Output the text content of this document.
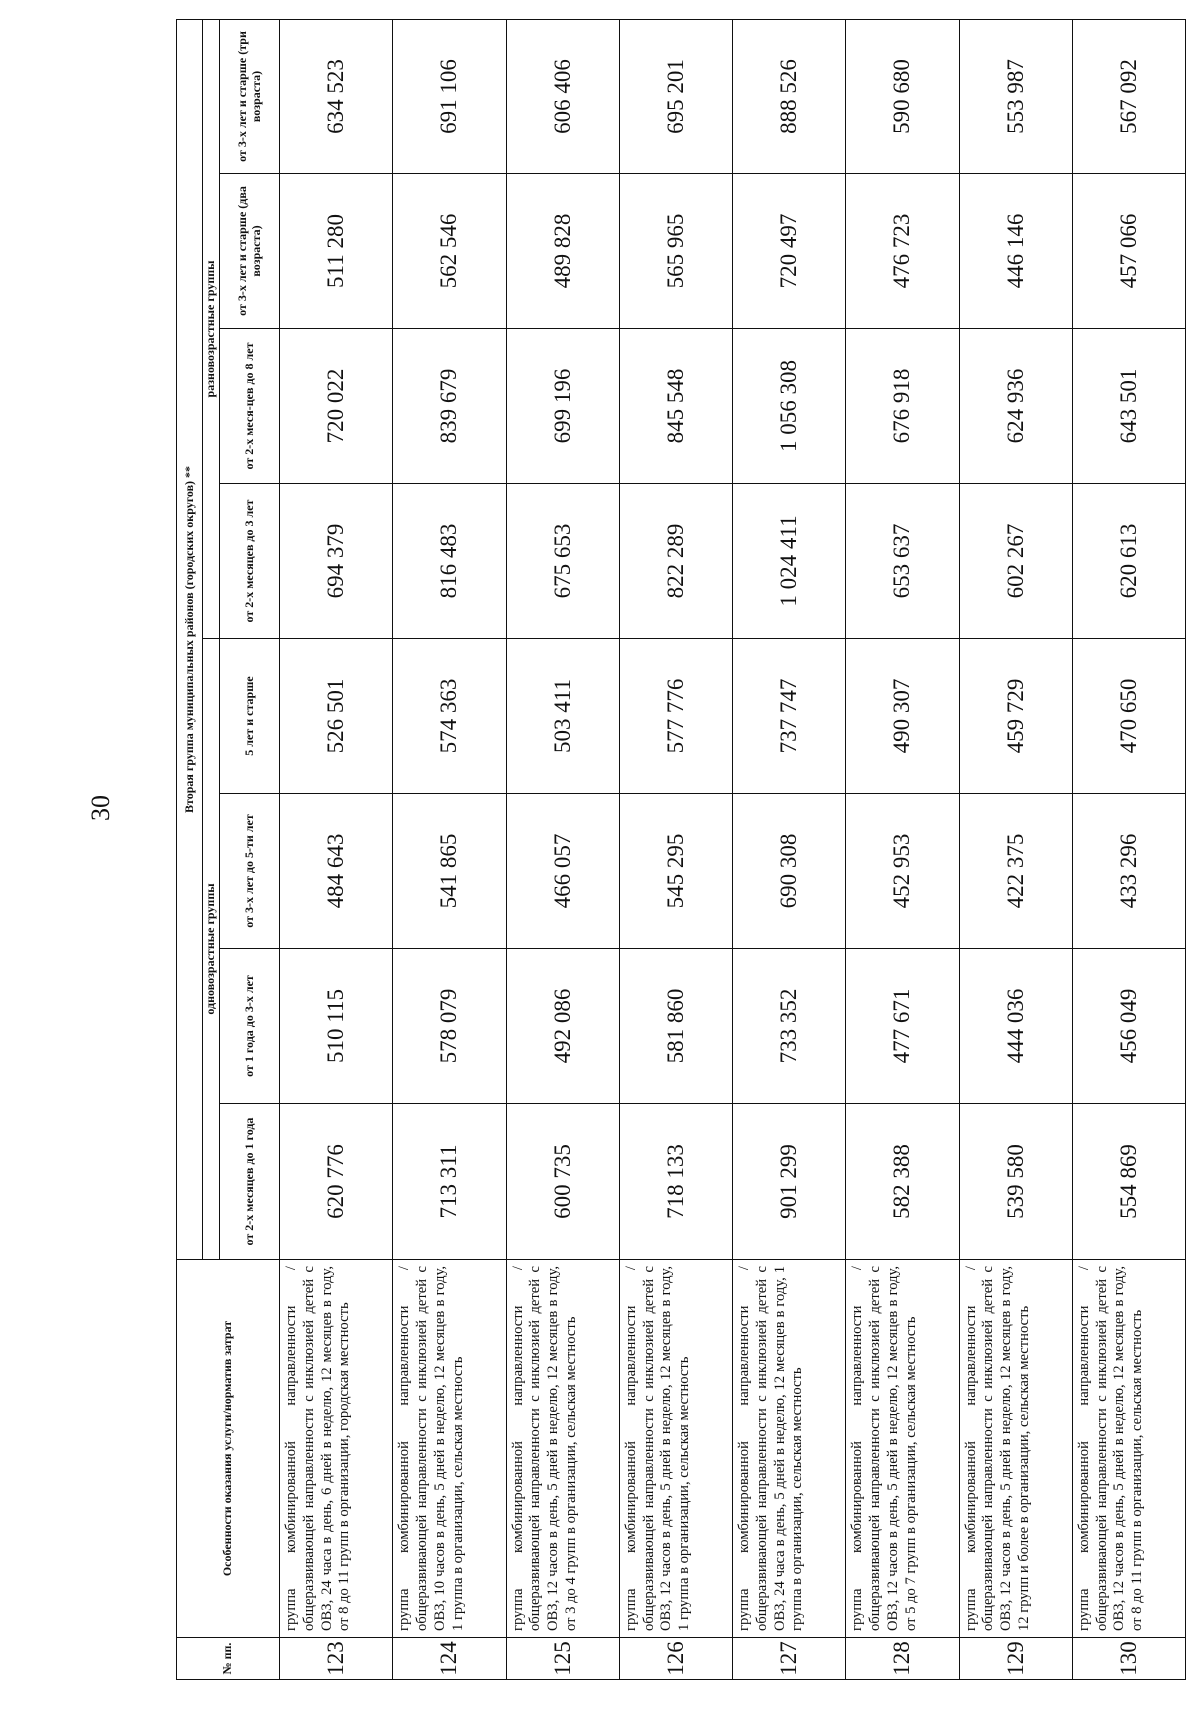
30
№ пп.	Особенности оказания услуги/норматив затрат	Вторая группа муниципальных районов (городских округов) **							
		одновозрастные группы				разновозрастные группы			
		от 2-х месяцев до 1 года	от 1 года до 3-х лет	от 3-х лет до 5-ти лет	5 лет и старше	от 2-х месяцев до 3 лет	от 2-х меся-цев до 8 лет	от 3-х лет и старше (два возраста)	от 3-х лет и старше (три возраста)
123	группа комбинированной направленности / общеразвивающей направленности с инклюзией детей с ОВЗ, 24 часа в день, 6 дней в неделю, 12 месяцев в году, от 8 до 11 групп в организации, городская местность	620 776	510 115	484 643	526 501	694 379	720 022	511 280	634 523
124	группа комбинированной направленности / общеразвивающей направленности с инклюзией детей с ОВЗ, 10 часов в день, 5 дней в неделю, 12 месяцев в году, 1 группа в организации, сельская местность	713 311	578 079	541 865	574 363	816 483	839 679	562 546	691 106
125	группа комбинированной направленности / общеразвивающей направленности с инклюзией детей с ОВЗ, 12 часов в день, 5 дней в неделю, 12 месяцев в году, от 3 до 4 групп в организации, сельская местность	600 735	492 086	466 057	503 411	675 653	699 196	489 828	606 406
126	группа комбинированной направленности / общеразвивающей направленности с инклюзией детей с ОВЗ, 12 часов в день, 5 дней в неделю, 12 месяцев в году, 1 группа в организации, сельская местность	718 133	581 860	545 295	577 776	822 289	845 548	565 965	695 201
127	группа комбинированной направленности / общеразвивающей направленности с инклюзией детей с ОВЗ, 24 часа в день, 5 дней в неделю, 12 месяцев в году, 1 группа в организации, сельская местность	901 299	733 352	690 308	737 747	1 024 411	1 056 308	720 497	888 526
128	группа комбинированной направленности / общеразвивающей направленности с инклюзией детей с ОВЗ, 12 часов в день, 5 дней в неделю, 12 месяцев в году, от 5 до 7 групп в организации, сельская местность	582 388	477 671	452 953	490 307	653 637	676 918	476 723	590 680
129	группа комбинированной направленности / общеразвивающей направленности с инклюзией детей с ОВЗ, 12 часов в день, 5 дней в неделю, 12 месяцев в году, 12 групп и более в организации, сельская местность	539 580	444 036	422 375	459 729	602 267	624 936	446 146	553 987
130	группа комбинированной направленности / общеразвивающей направленности с инклюзией детей с ОВЗ, 12 часов в день, 5 дней в неделю, 12 месяцев в году, от 8 до 11 групп в организации, сельская местность	554 869	456 049	433 296	470 650	620 613	643 501	457 066	567 092
